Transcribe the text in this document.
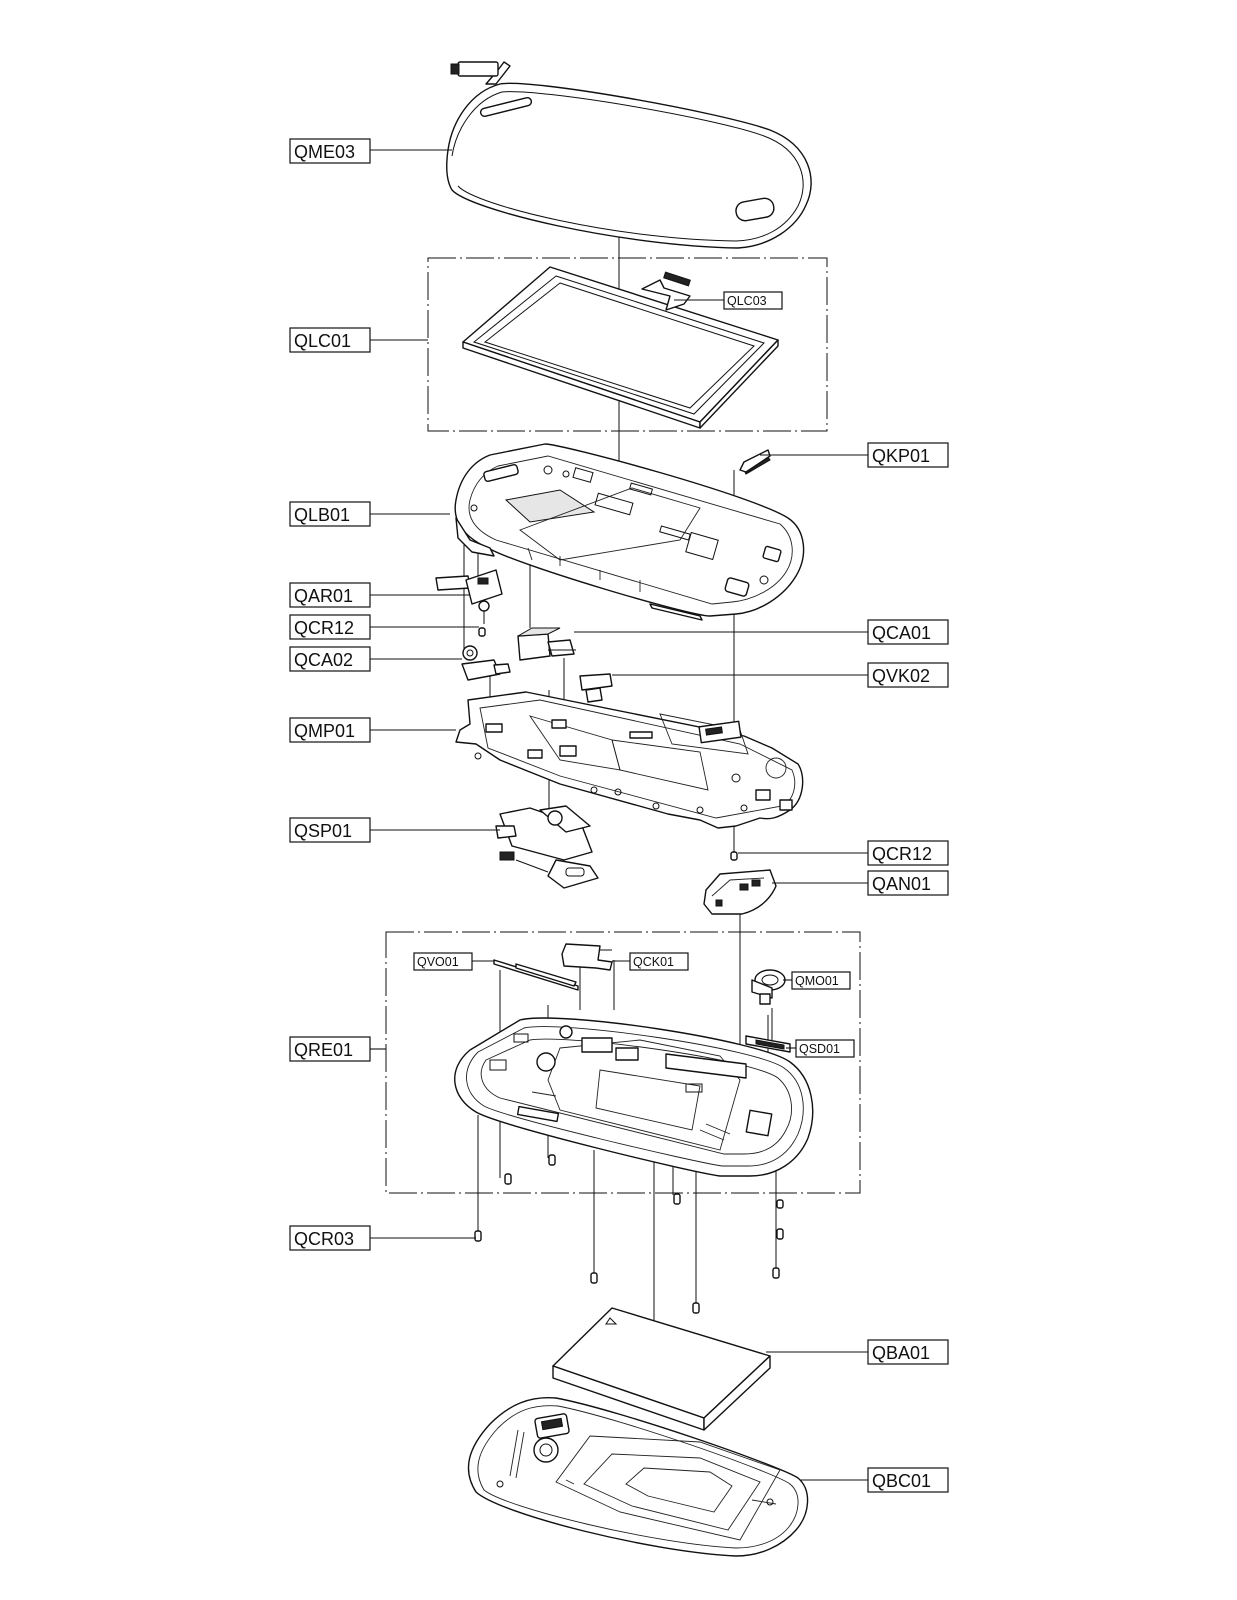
QME03
QLC03
QLC01
QKP01
QLB01
QAR01
QCR12	QCA01
QCA02
QVK02
QMP01
QSP01
QCR12
QAN01
QVO01	QCK01
QMO01
QSD01
QRE01
QCR03
QBA01
QBC01
